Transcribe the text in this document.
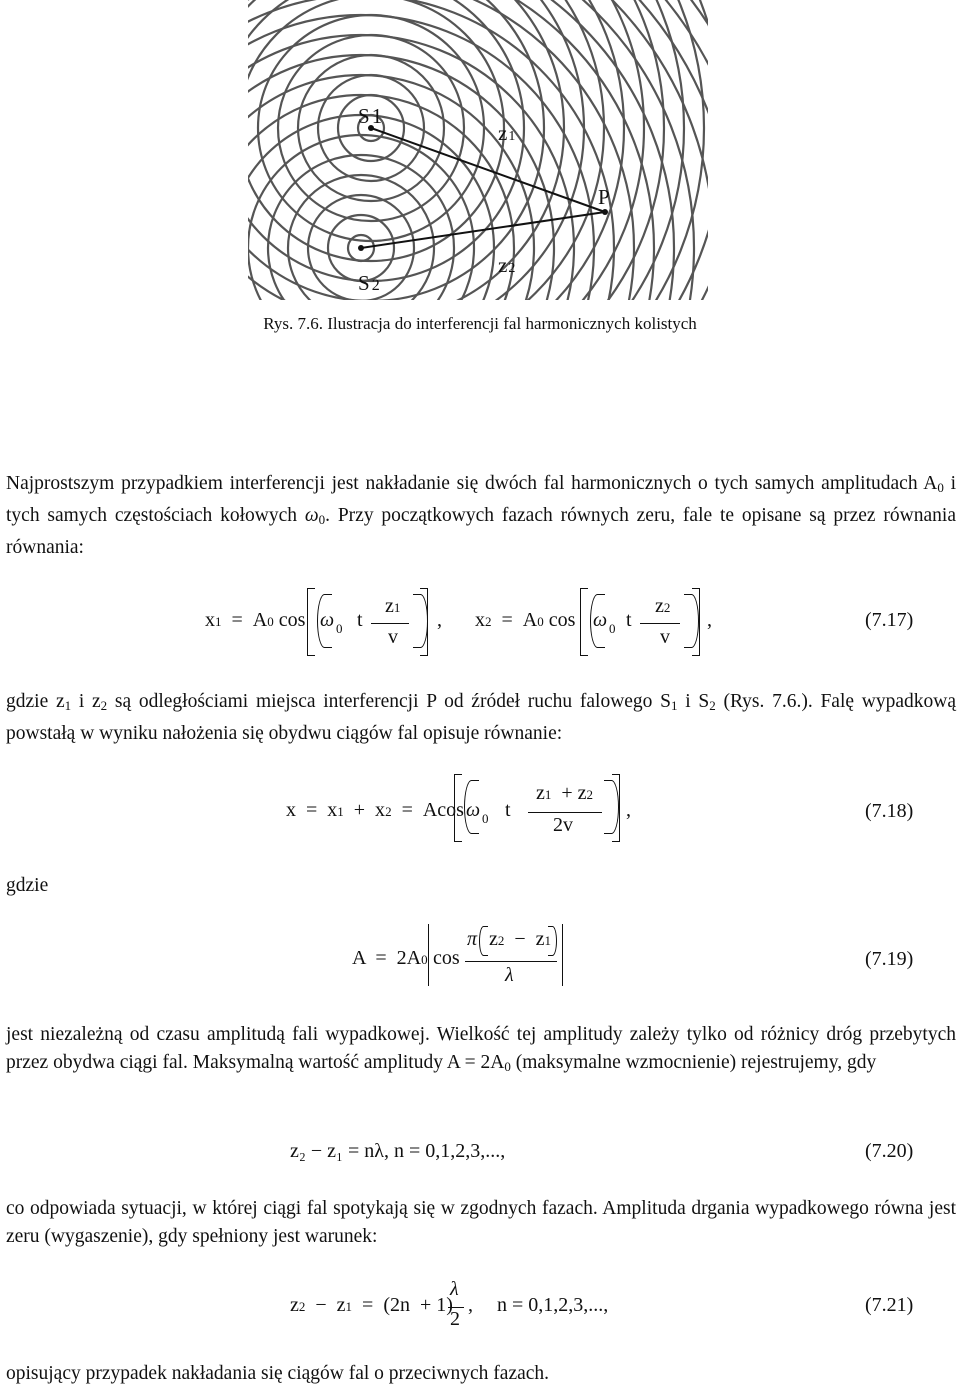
S1
S 2
z1
z2
P
Rys. 7.6. Ilustracja do interferencji fal harmonicznych kolistych
Najprostszym przypadkiem interferencji jest nakładanie się dwóch fal harmonicznych o tych samych amplitudach $A_0$ i tych samych częstościach kołowych $\omega_0$. Przy początkowych fazach równych zeru, fale te opisane są przez równania równania:
x1  =  A0 cos ω 0 t
z1
v
, x2  =  A0 cos ω 0 t
z2
v
,	(7.17)
gdzie $z_1$ i $z_2$ są odległościami miejsca interferencji P od źródeł ruchu falowego $S_1$ i $S_2$ (Rys. 7.6.). Falę wypadkową powstałą w wyniku nałożenia się obydwu ciągów fal opisuje równanie:
x  =  x1  +  x2  =  Acos ω 0 t
z1  + z2
2v
,	(7.18)
gdzie
A  =  2A0 cos
π z2  −  z1
λ
(7.19)
jest niezależną od czasu amplitudą fali wypadkowej. Wielkość tej amplitudy zależy tylko od różnicy dróg przebytych przez obydwa ciągi fal. Maksymalną wartość amplitudy $A = 2A_0$ (maksymalne wzmocnienie) rejestrujemy, gdy
z₂ − z₁ = nλ, n = 0,1,2,3,...,	(7.20)
co odpowiada sytuacji, w której ciągi fal spotykają się w zgodnych fazach. Amplituda drgania wypadkowego równa jest zeru (wygaszenie), gdy spełniony jest warunek:
z2  −  z1  =  (2n  + 1)
λ
2
, n = 0,1,2,3,...,	(7.21)
opisujący przypadek nakładania się ciągów fal o przeciwnych fazach.
